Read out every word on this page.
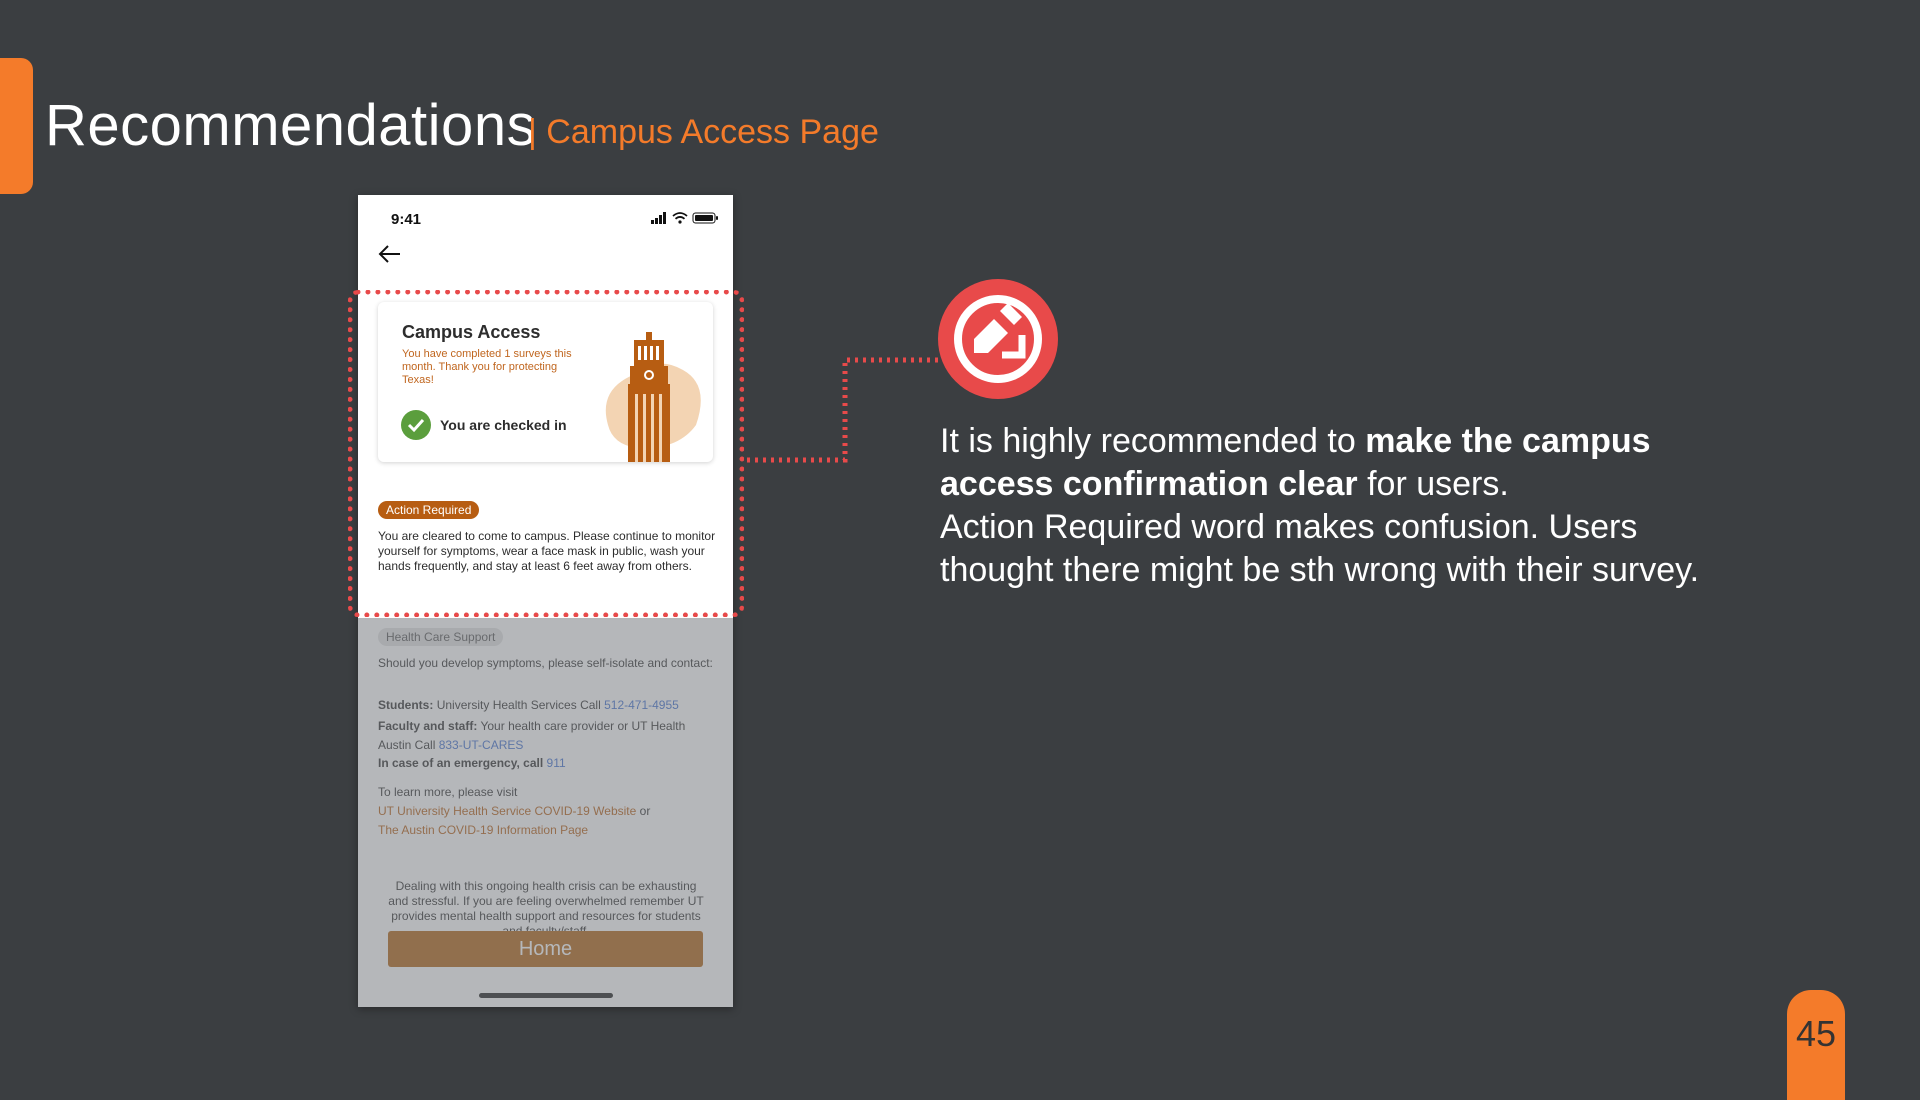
Recommendations
| Campus Access Page
9:41
Campus Access
You have completed 1 surveys this month. Thank you for protecting Texas!
You are checked in
Action Required
You are cleared to come to campus. Please continue to monitor yourself for symptoms, wear a face mask in public, wash your hands frequently, and stay at least 6 feet away from others.
It is highly recommended to make the campus access confirmation clear for users.
Action Required word makes confusion. Users thought there might be sth wrong with their survey.
45
